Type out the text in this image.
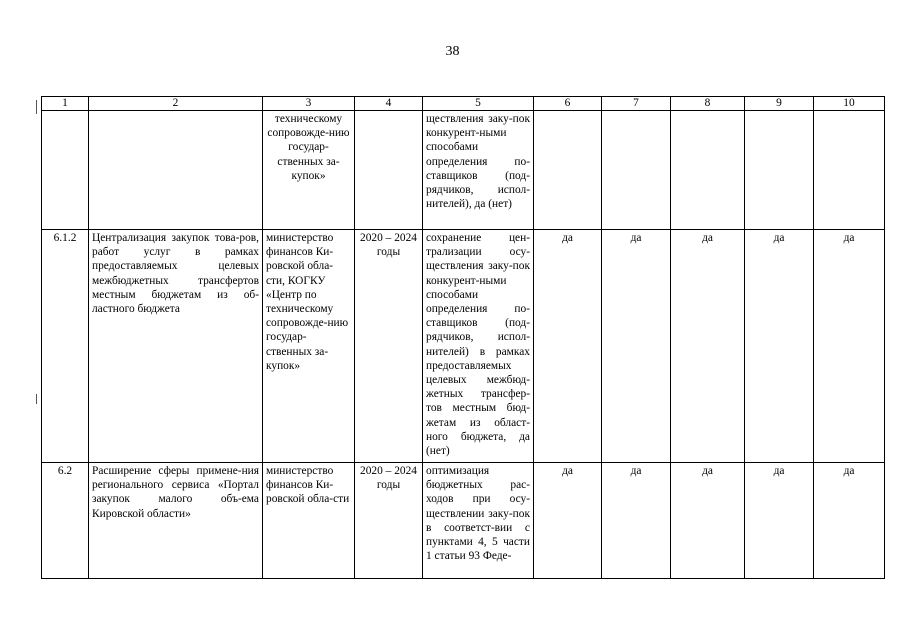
38
1	2	3	4	5	6	7	8	9	10
		техническому сопровожде-нию государ-ственных за-купок»		ществления заку-пок конкурент-ными способами определения по-ставщиков (под-рядчиков, испол-нителей), да (нет)					
6.1.2	Централизация закупок това-ров, работ услуг в рамках предоставляемых целевых межбюджетных трансфертов местным бюджетам из об-ластного бюджета	министерство финансов Ки-ровской обла-сти, КОГКУ «Центр по техническому сопровожде-нию государ-ственных за-купок»	2020 – 2024 годы	сохранение цен-трализации осу-ществления заку-пок конкурент-ными способами определения по-ставщиков (под-рядчиков, испол-нителей) в рамках предоставляемых целевых межбюд-жетных трансфер-тов местным бюд-жетам из област-ного бюджета, да (нет)	да	да	да	да	да
6.2	Расширение сферы примене-ния регионального сервиса «Портал закупок малого объ-ема Кировской области»	министерство финансов Ки-ровской обла-сти	2020 – 2024 годы	оптимизация бюджетных рас-ходов при осу-ществлении заку-пок в соответст-вии с пунктами 4, 5 части 1 статьи 93 Феде-	да	да	да	да	да
